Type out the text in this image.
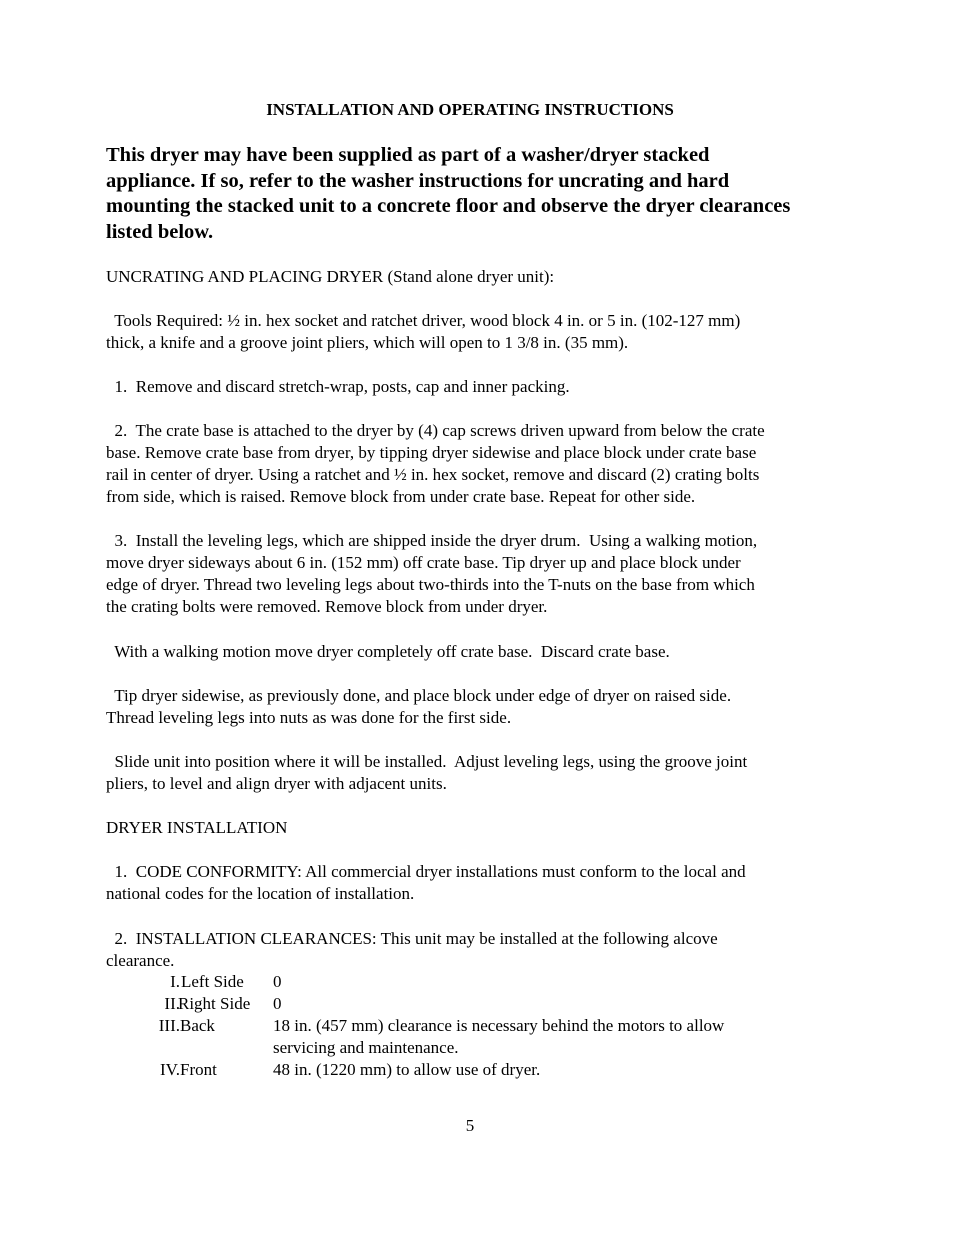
INSTALLATION AND OPERATING INSTRUCTIONS
This dryer may have been supplied as part of a washer/dryer stacked
appliance. If so, refer to the washer instructions for uncrating and hard
mounting the stacked unit to a concrete floor and observe the dryer clearances
listed below.
UNCRATING AND PLACING DRYER (Stand alone dryer unit):
Tools Required: ½ in. hex socket and ratchet driver, wood block 4 in. or 5 in. (102-127 mm)
thick, a knife and a groove joint pliers, which will open to 1 3/8 in. (35 mm).
1.  Remove and discard stretch-wrap, posts, cap and inner packing.
2.  The crate base is attached to the dryer by (4) cap screws driven upward from below the crate
base. Remove crate base from dryer, by tipping dryer sidewise and place block under crate base
rail in center of dryer. Using a ratchet and ½ in. hex socket, remove and discard (2) crating bolts
from side, which is raised. Remove block from under crate base. Repeat for other side.
3.  Install the leveling legs, which are shipped inside the dryer drum.  Using a walking motion,
move dryer sideways about 6 in. (152 mm) off crate base. Tip dryer up and place block under
edge of dryer. Thread two leveling legs about two-thirds into the T-nuts on the base from which
the crating bolts were removed. Remove block from under dryer.
With a walking motion move dryer completely off crate base.  Discard crate base.
Tip dryer sidewise, as previously done, and place block under edge of dryer on raised side.
Thread leveling legs into nuts as was done for the first side.
Slide unit into position where it will be installed.  Adjust leveling legs, using the groove joint
pliers, to level and align dryer with adjacent units.
DRYER INSTALLATION
1.  CODE CONFORMITY: All commercial dryer installations must conform to the local and
national codes for the location of installation.
2.  INSTALLATION CLEARANCES: This unit may be installed at the following alcove
clearance.
I. Left Side 0
II.
Right Side 0
III. Back	18 in. (457 mm) clearance is necessary behind the motors to allow
servicing and maintenance.
IV. Front	48 in. (1220 mm) to allow use of dryer.
5
